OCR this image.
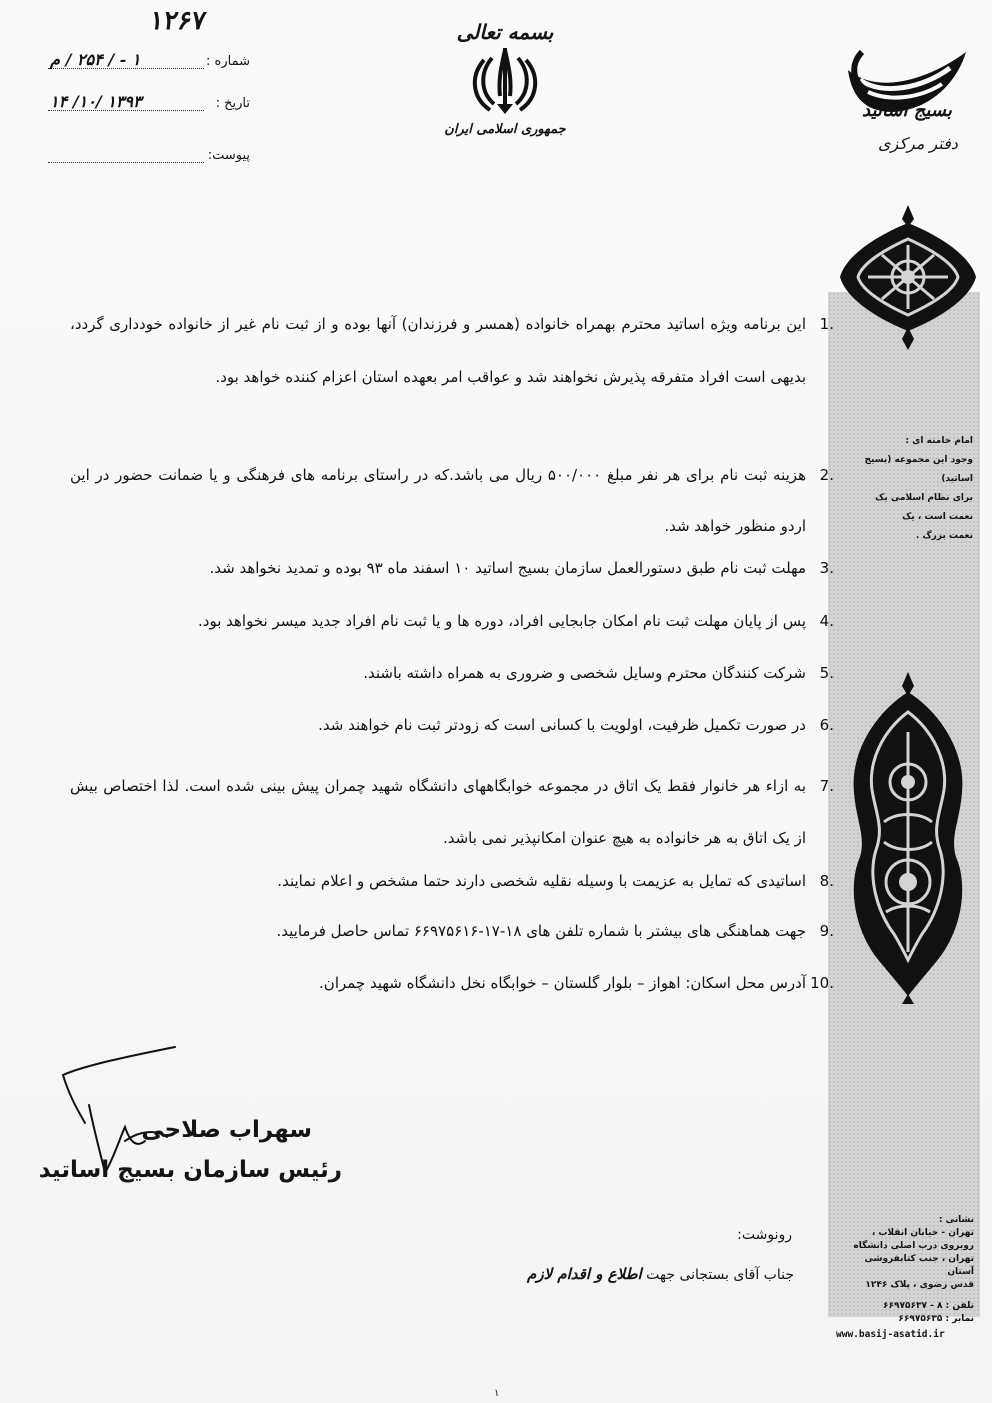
۱۲۶۷
شماره :
۱ - / ۲۵۴ / م
تاریخ :
۱۳۹۳ /۱۰/ ۱۴
پیوست:
بسمه تعالی
جمهوری اسلامی ایران
بسیج اساتید
دفتر مرکزی
امام خامنه ای :
وجود این مجموعه (بسیج اساتید)
برای نظام اسلامی یک
نعمت است ، یک
نعمت بزرگ .
نشانی :
تهران - خیابان انقلاب ،
روبروی درب اصلی دانشگاه
تهران ، جنب کتابفروشی آستان
قدس رضوی ، پلاک ۱۲۴۶
تلفن : ۸ - ۶۶۹۷۵۶۳۷
نمابر : ۶۶۹۷۵۶۳۵
www.basij-asatid.ir
.1
این برنامه ویژه اساتید محترم بهمراه خانواده (همسر و فرزندان) آنها بوده و از ثبت نام غیر از خانواده خودداری گردد، بدیهی است افراد متفرقه پذیرش نخواهند شد و عواقب امر بعهده استان اعزام کننده خواهد بود.
.2
هزینه ثبت نام برای هر نفر مبلغ ۵۰۰/۰۰۰ ریال می باشد.که در راستای برنامه های فرهنگی و یا ضمانت حضور در این اردو منظور خواهد شد.
.3
مهلت ثبت نام طبق دستورالعمل سازمان بسیج اساتید ۱۰ اسفند ماه ۹۳ بوده و تمدید نخواهد شد.
.4
پس از پایان مهلت ثبت نام امکان جابجایی افراد، دوره ها و یا ثبت نام افراد جدید میسر نخواهد بود.
.5
شرکت کنندگان محترم وسایل شخصی و ضروری به همراه داشته باشند.
.6
در صورت تکمیل ظرفیت، اولویت با کسانی است که زودتر ثبت نام خواهند شد.
.7
به ازاء هر خانوار فقط یک اتاق در مجموعه خوابگاههای دانشگاه شهید چمران پیش بینی شده است. لذا اختصاص بیش از یک اتاق به هر خانواده به هیچ عنوان امکانپذیر نمی باشد.
.8
اساتیدی که تمایل به عزیمت با وسیله نقلیه شخصی دارند حتما مشخص و اعلام نمایند.
.9
جهت هماهنگی های بیشتر با شماره تلفن های ۱۸-۱۷-۶۶۹۷۵۶۱۶ تماس حاصل فرمایید.
.10
آدرس محل اسکان: اهواز – بلوار گلستان – خوابگاه نخل دانشگاه شهید چمران.
سهراب صلاحی
رئیس سازمان بسیج اساتید
رونوشت:
جناب آقای بستجانی جهت اطلاع و اقدام لازم
۱
